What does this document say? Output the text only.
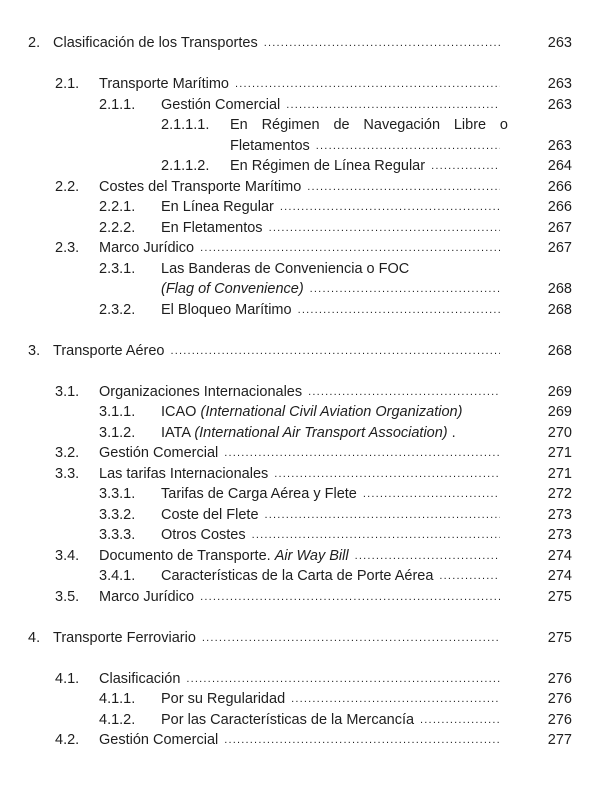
2. Clasificación de los Transportes .....	263
2.1. Transporte Marítimo .....	263
2.1.1. Gestión Comercial .....	263
2.1.1.1. En Régimen de Navegación Libre o
Fletamentos .....	263
2.1.1.2. En Régimen de Línea Regular .....	264
2.2. Costes del Transporte Marítimo .....	266
2.2.1. En Línea Regular .....	266
2.2.2. En Fletamentos .....	267
2.3. Marco Jurídico .....	267
2.3.1. Las Banderas de Conveniencia o FOC
(Flag of Convenience) .....	268
2.3.2. El Bloqueo Marítimo .....	268
3. Transporte Aéreo .....	268
3.1. Organizaciones Internacionales .....	269
3.1.1. ICAO (International Civil Aviation Organization)	269
3.1.2. IATA (International Air Transport Association) .	270
3.2. Gestión Comercial .....	271
3.3. Las tarifas Internacionales .....	271
3.3.1. Tarifas de Carga Aérea y Flete .....	272
3.3.2. Coste del Flete .....	273
3.3.3. Otros Costes .....	273
3.4. Documento de Transporte. Air Way Bill .....	274
3.4.1. Características de la Carta de Porte Aérea .....	274
3.5. Marco Jurídico .....	275
4. Transporte Ferroviario .....	275
4.1. Clasificación .....	276
4.1.1. Por su Regularidad .....	276
4.1.2. Por las Características de la Mercancía .....	276
4.2. Gestión Comercial .....	277
